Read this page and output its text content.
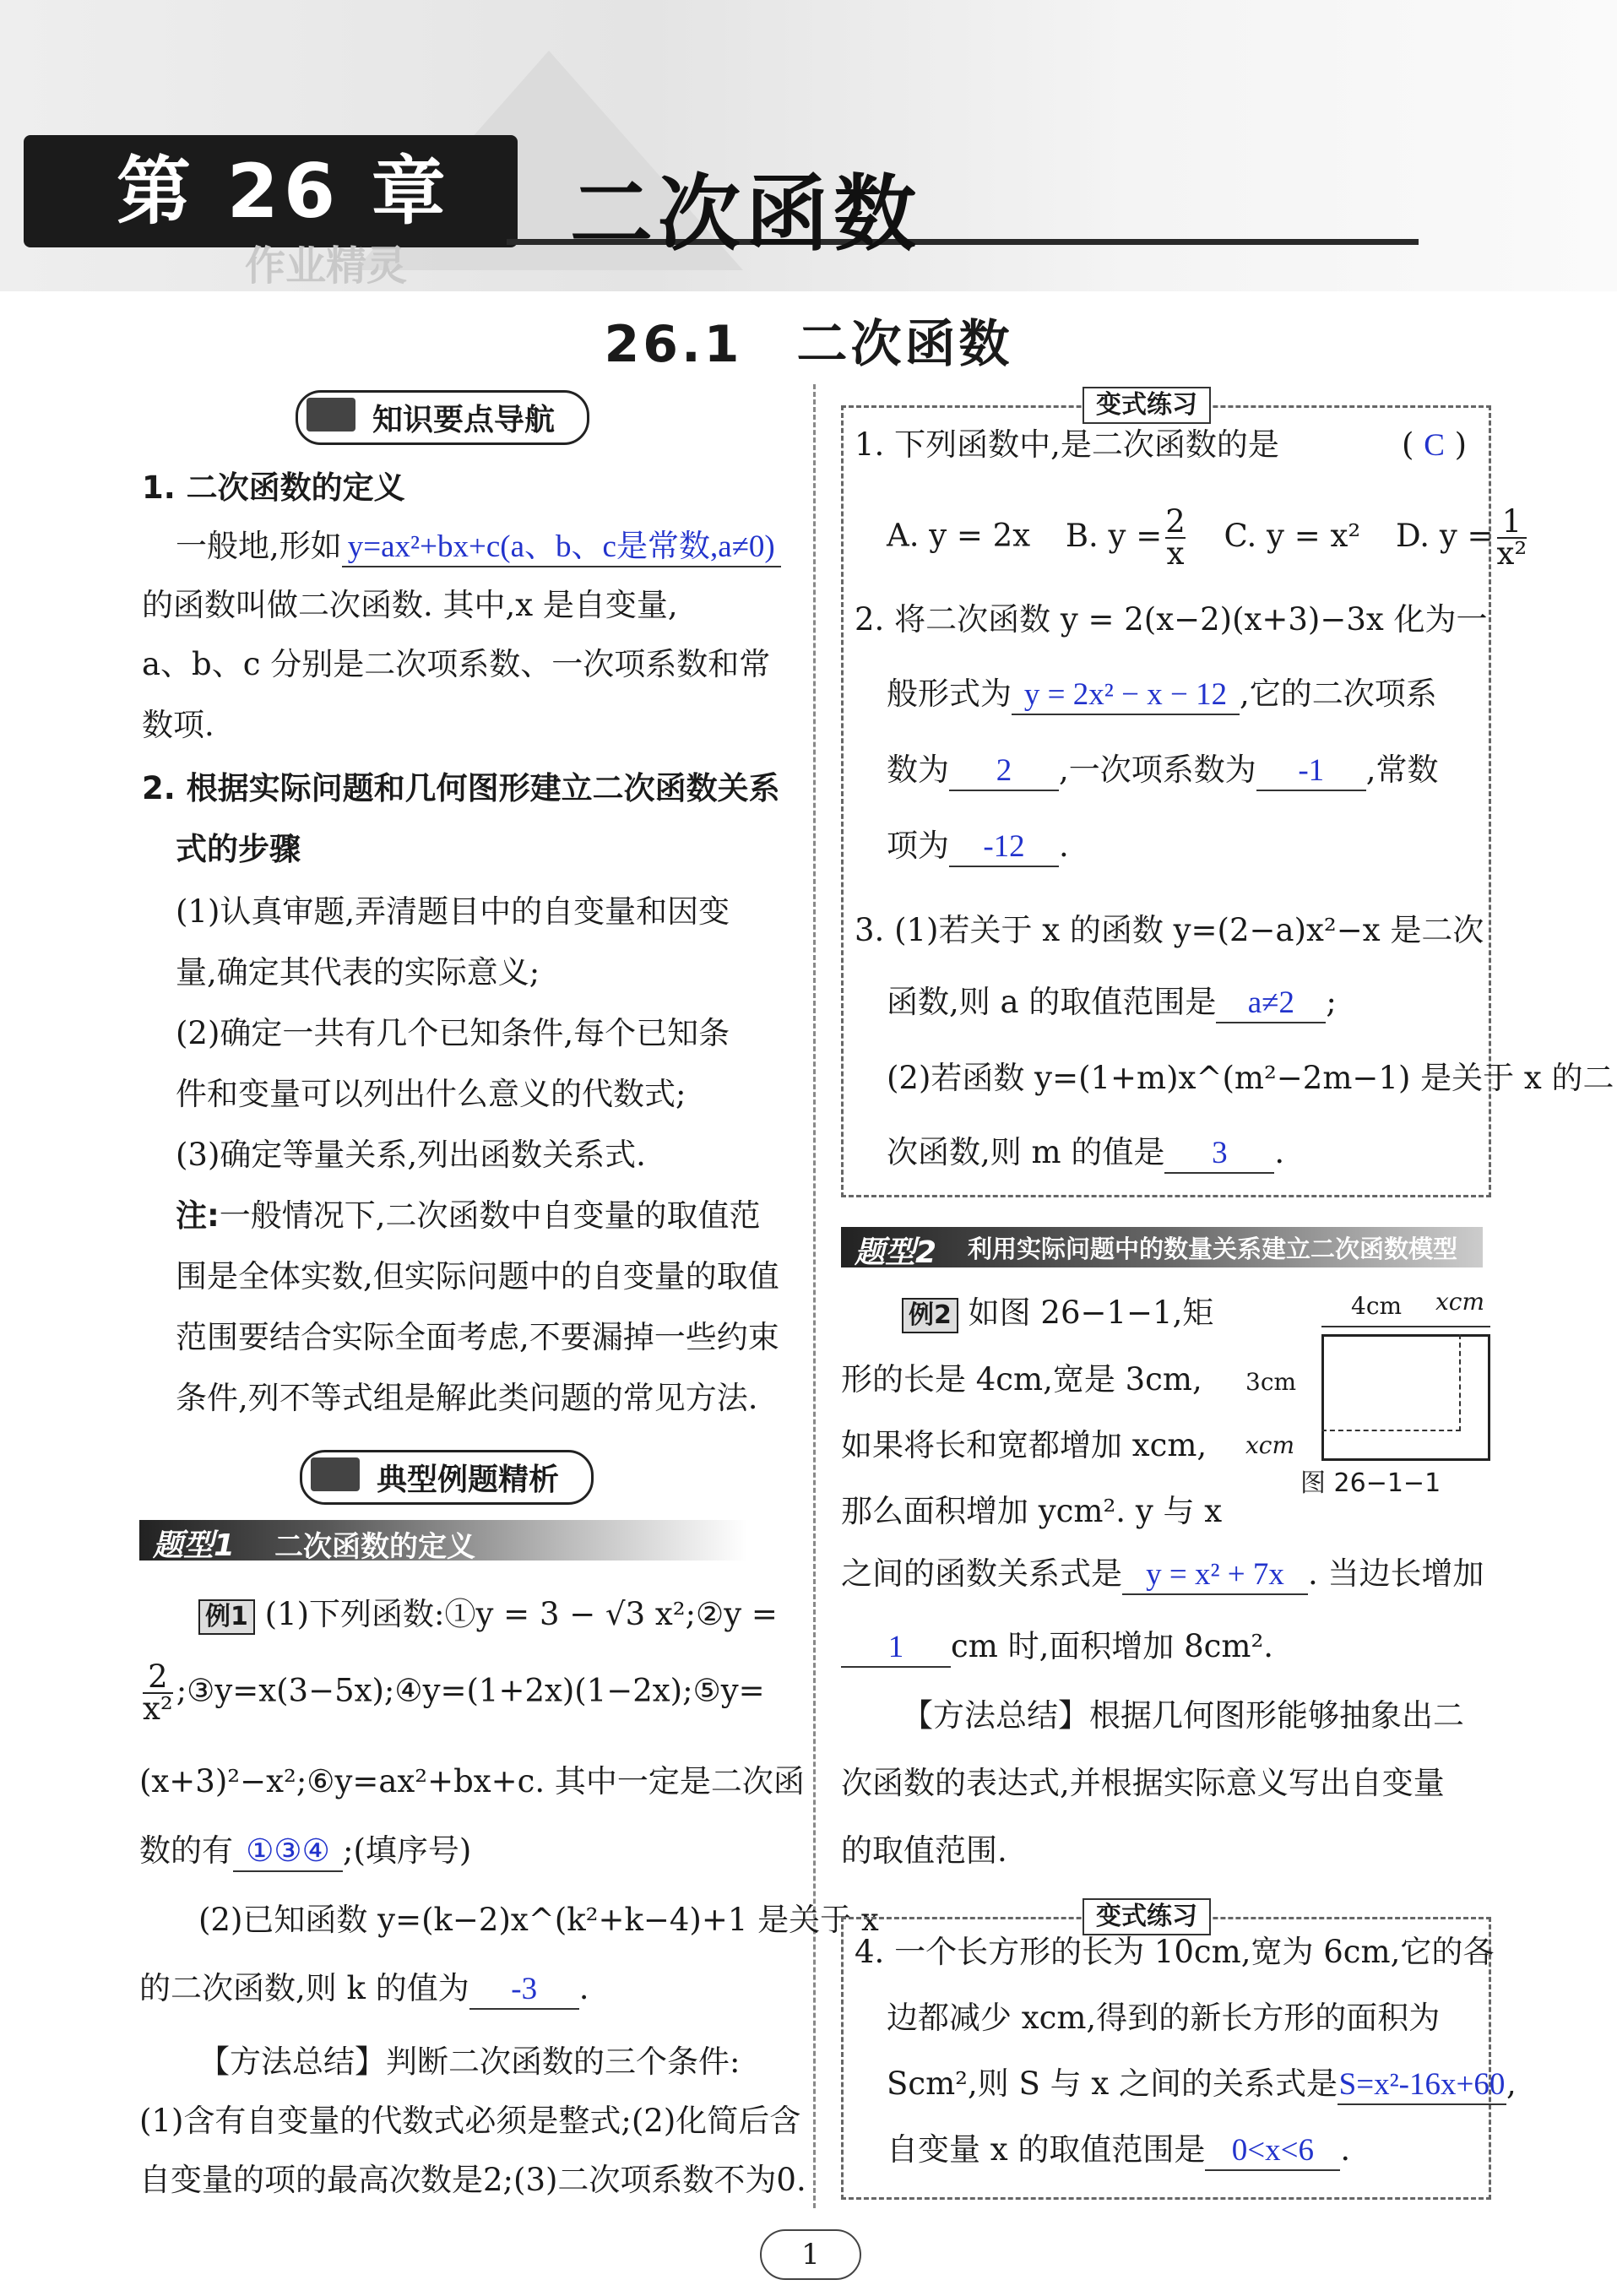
第 26 章	二次函数
作业精灵
26.1　二次函数
知识要点导航
1. 二次函数的定义
一般地,形如 y=ax²+bx+c(a、b、c是常数,a≠0)
的函数叫做二次函数. 其中,x 是自变量,
a、b、c 分别是二次项系数、一次项系数和常
数项.
2. 根据实际问题和几何图形建立二次函数关系
式的步骤
(1)认真审题,弄清题目中的自变量和因变
量,确定其代表的实际意义;
(2)确定一共有几个已知条件,每个已知条
件和变量可以列出什么意义的代数式;
(3)确定等量关系,列出函数关系式.
注:一般情况下,二次函数中自变量的取值范
围是全体实数,但实际问题中的自变量的取值
范围要结合实际全面考虑,不要漏掉一些约束
条件,列不等式组是解此类问题的常见方法.
典型例题精析
题型1 二次函数的定义
例1 (1)下列函数:①y = 3 − √3 x²;②y =
$\frac{2}{\text{x²}}$ ;③y=x(3−5x);④y=(1+2x)(1−2x);⑤y=
(x+3)²−x²;⑥y=ax²+bx+c. 其中一定是二次函
数的有 ①③④ ;(填序号)
(2)已知函数 y=(k−2)x^(k²+k−4)+1 是关于 x
的二次函数,则 k 的值为 -3 .
【方法总结】判断二次函数的三个条件:
(1)含有自变量的代数式必须是整式;(2)化简后含
自变量的项的最高次数是2;(3)二次项系数不为0.
变式练习
1. 下列函数中,是二次函数的是	( C )
A. y = 2x B. $y = \frac{2}{x} C$. y = x² D. $y = \frac{1}{\text{x²}}$
2. 将二次函数 y = 2(x−2)(x+3)−3x 化为一
般形式为 y = 2x² − x − 12 ,它的二次项系
数为 2 ,一次项系数为 -1 ,常数
项为 -12 .
3. (1)若关于 x 的函数 y=(2−a)x²−x 是二次
函数,则 a 的取值范围是 a≠2 ;
(2)若函数 y=(1+m)x^(m²−2m−1) 是关于 x 的二
次函数,则 m 的值是 3 .
题型2 利用实际问题中的数量关系建立二次函数模型
例2 如图 26−1−1,矩
形的长是 4cm,宽是 3cm,
如果将长和宽都增加 xcm,
那么面积增加 ycm². y 与 x
4cm xcm
3cm
xcm
图 26−1−1
之间的函数关系式是 y = x² + 7x . 当边长增加
1 cm 时,面积增加 8cm².
【方法总结】根据几何图形能够抽象出二
次函数的表达式,并根据实际意义写出自变量
的取值范围.
变式练习
4. 一个长方形的长为 10cm,宽为 6cm,它的各
边都减少 xcm,得到的新长方形的面积为
Scm²,则 S 与 x 之间的关系式是S=x²-16x+60,
自变量 x 的取值范围是 0<x<6 .
1
